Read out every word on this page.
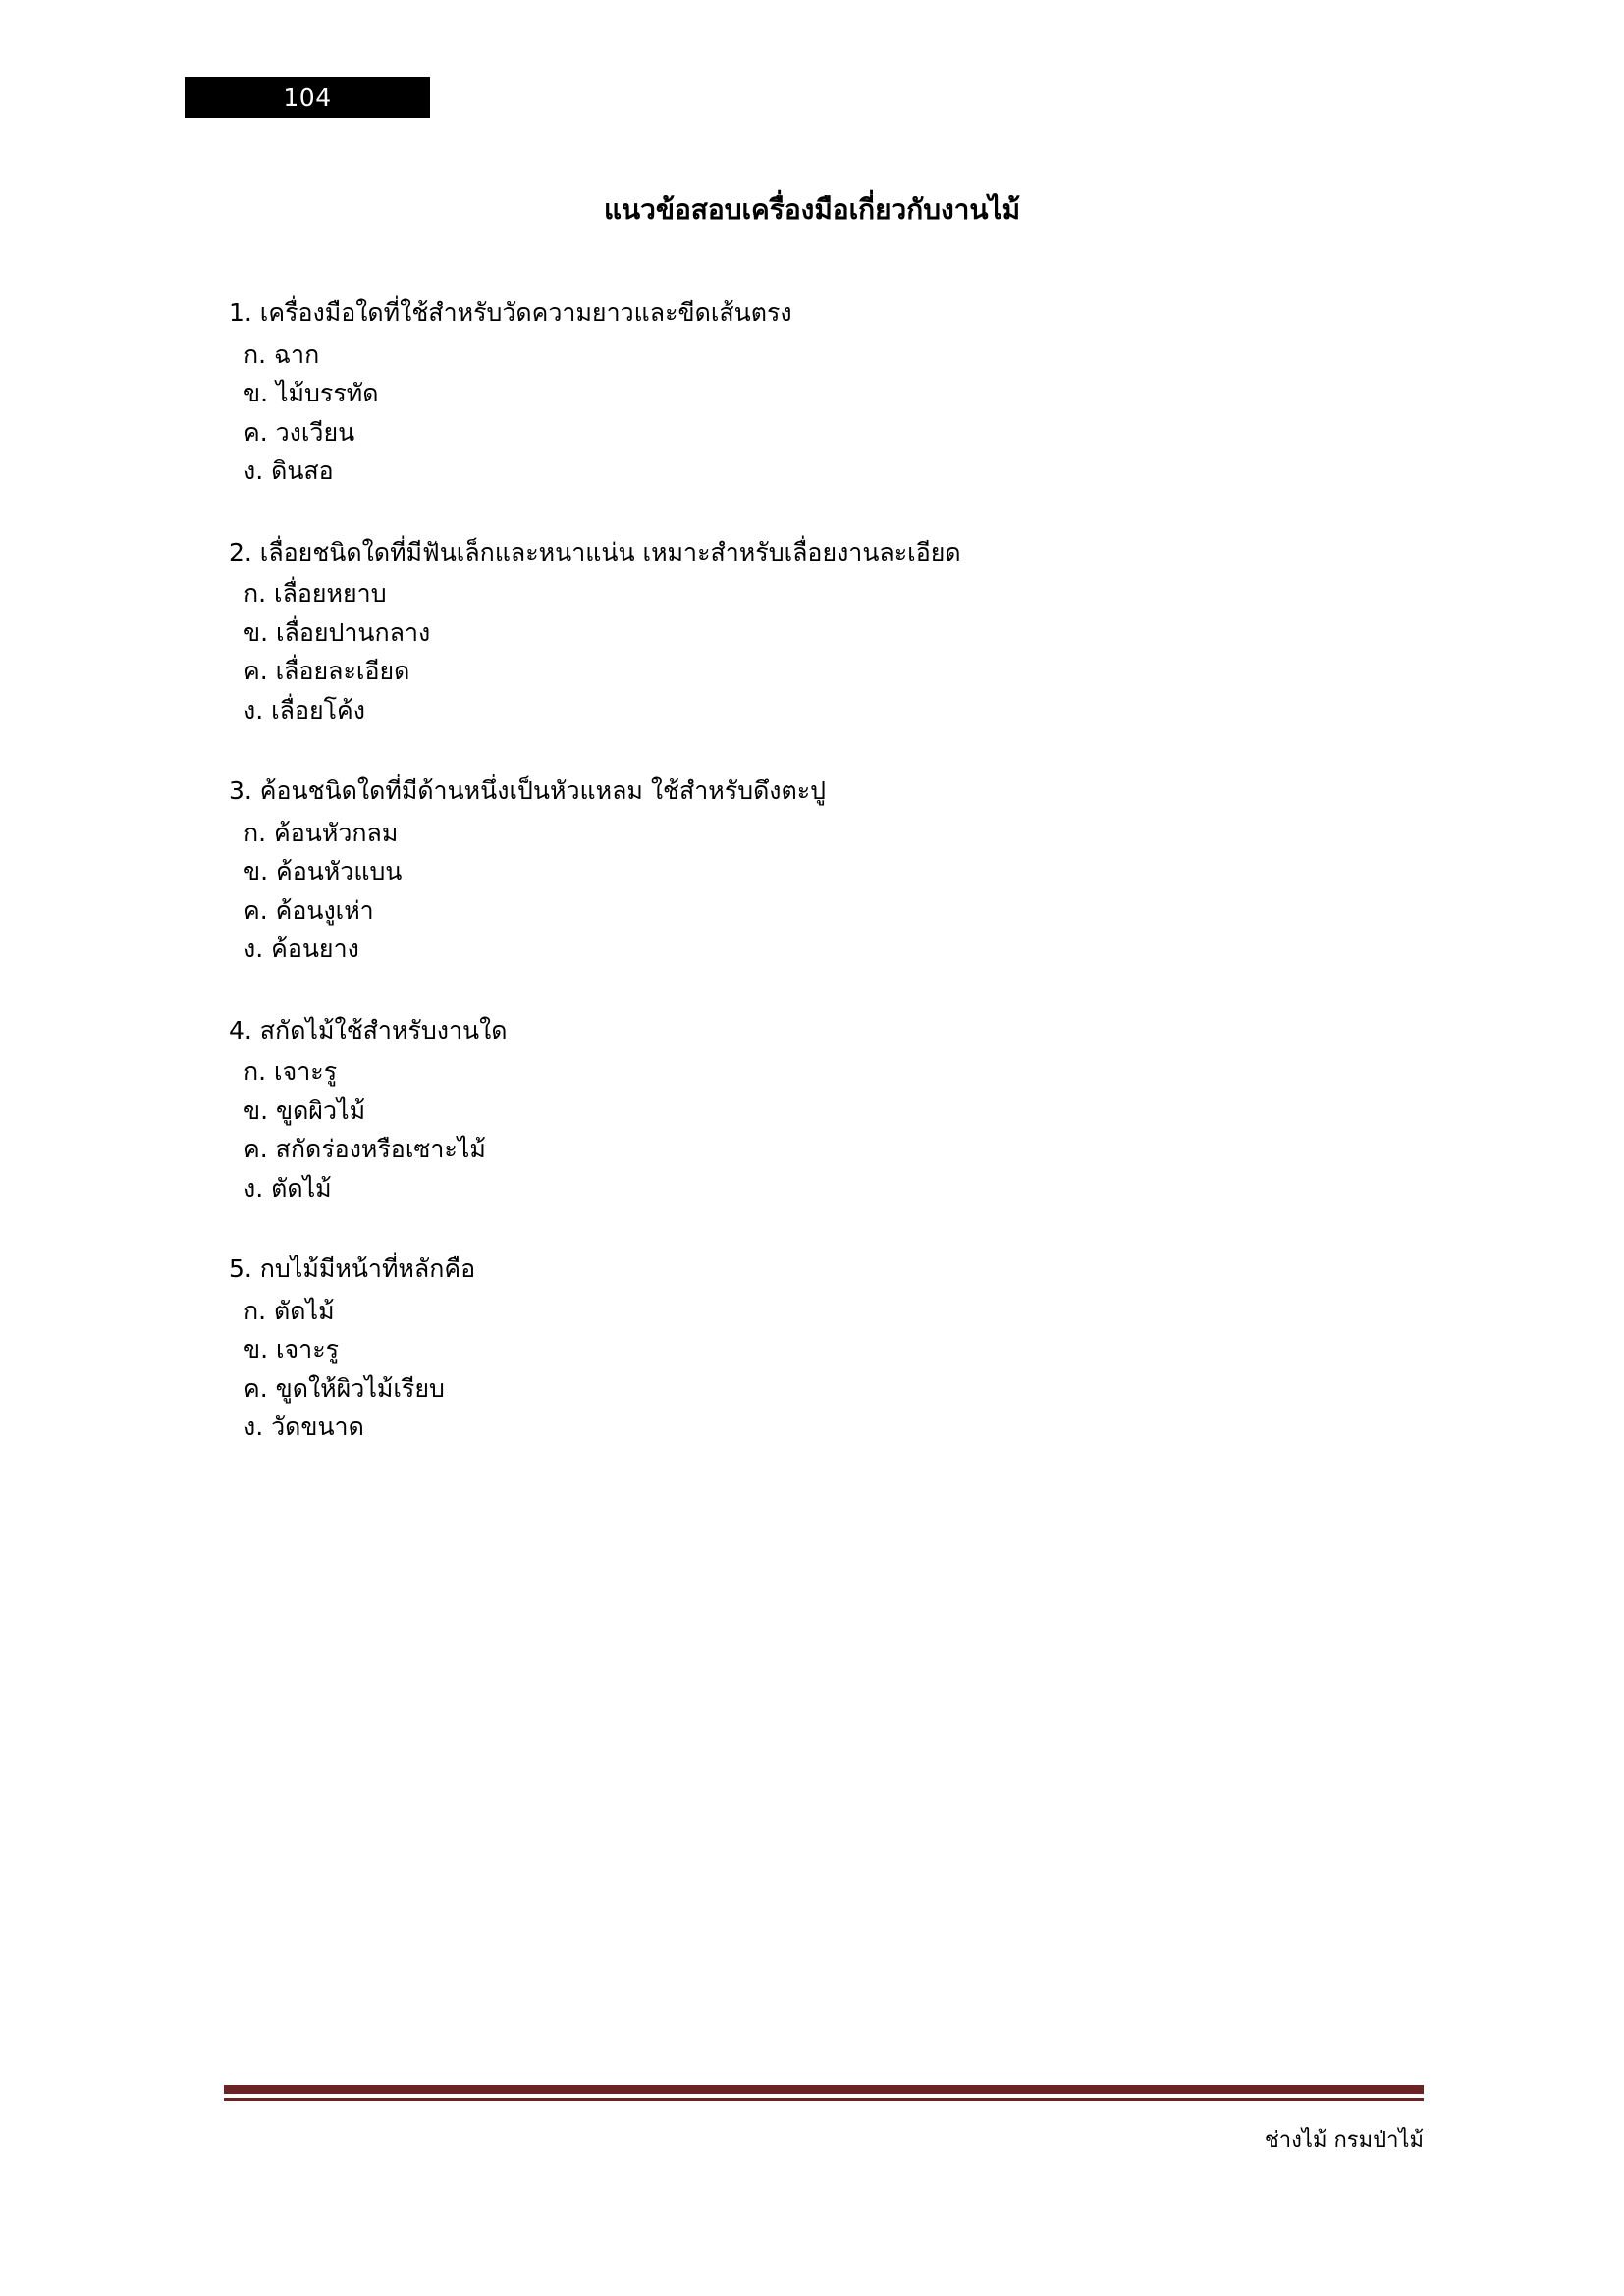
104
แนวข้อสอบเครื่องมือเกี่ยวกับงานไม้
1. เครื่องมือใดที่ใช้สำหรับวัดความยาวและขีดเส้นตรง
ก. ฉาก
ข. ไม้บรรทัด
ค. วงเวียน
ง. ดินสอ
2. เลื่อยชนิดใดที่มีฟันเล็กและหนาแน่น เหมาะสำหรับเลื่อยงานละเอียด
ก. เลื่อยหยาบ
ข. เลื่อยปานกลาง
ค. เลื่อยละเอียด
ง. เลื่อยโค้ง
3. ค้อนชนิดใดที่มีด้านหนึ่งเป็นหัวแหลม ใช้สำหรับดึงตะปู
ก. ค้อนหัวกลม
ข. ค้อนหัวแบน
ค. ค้อนงูเห่า
ง. ค้อนยาง
4. สกัดไม้ใช้สำหรับงานใด
ก. เจาะรู
ข. ขูดผิวไม้
ค. สกัดร่องหรือเซาะไม้
ง. ตัดไม้
5. กบไม้มีหน้าที่หลักคือ
ก. ตัดไม้
ข. เจาะรู
ค. ขูดให้ผิวไม้เรียบ
ง. วัดขนาด
ช่างไม้ กรมป่าไม้
